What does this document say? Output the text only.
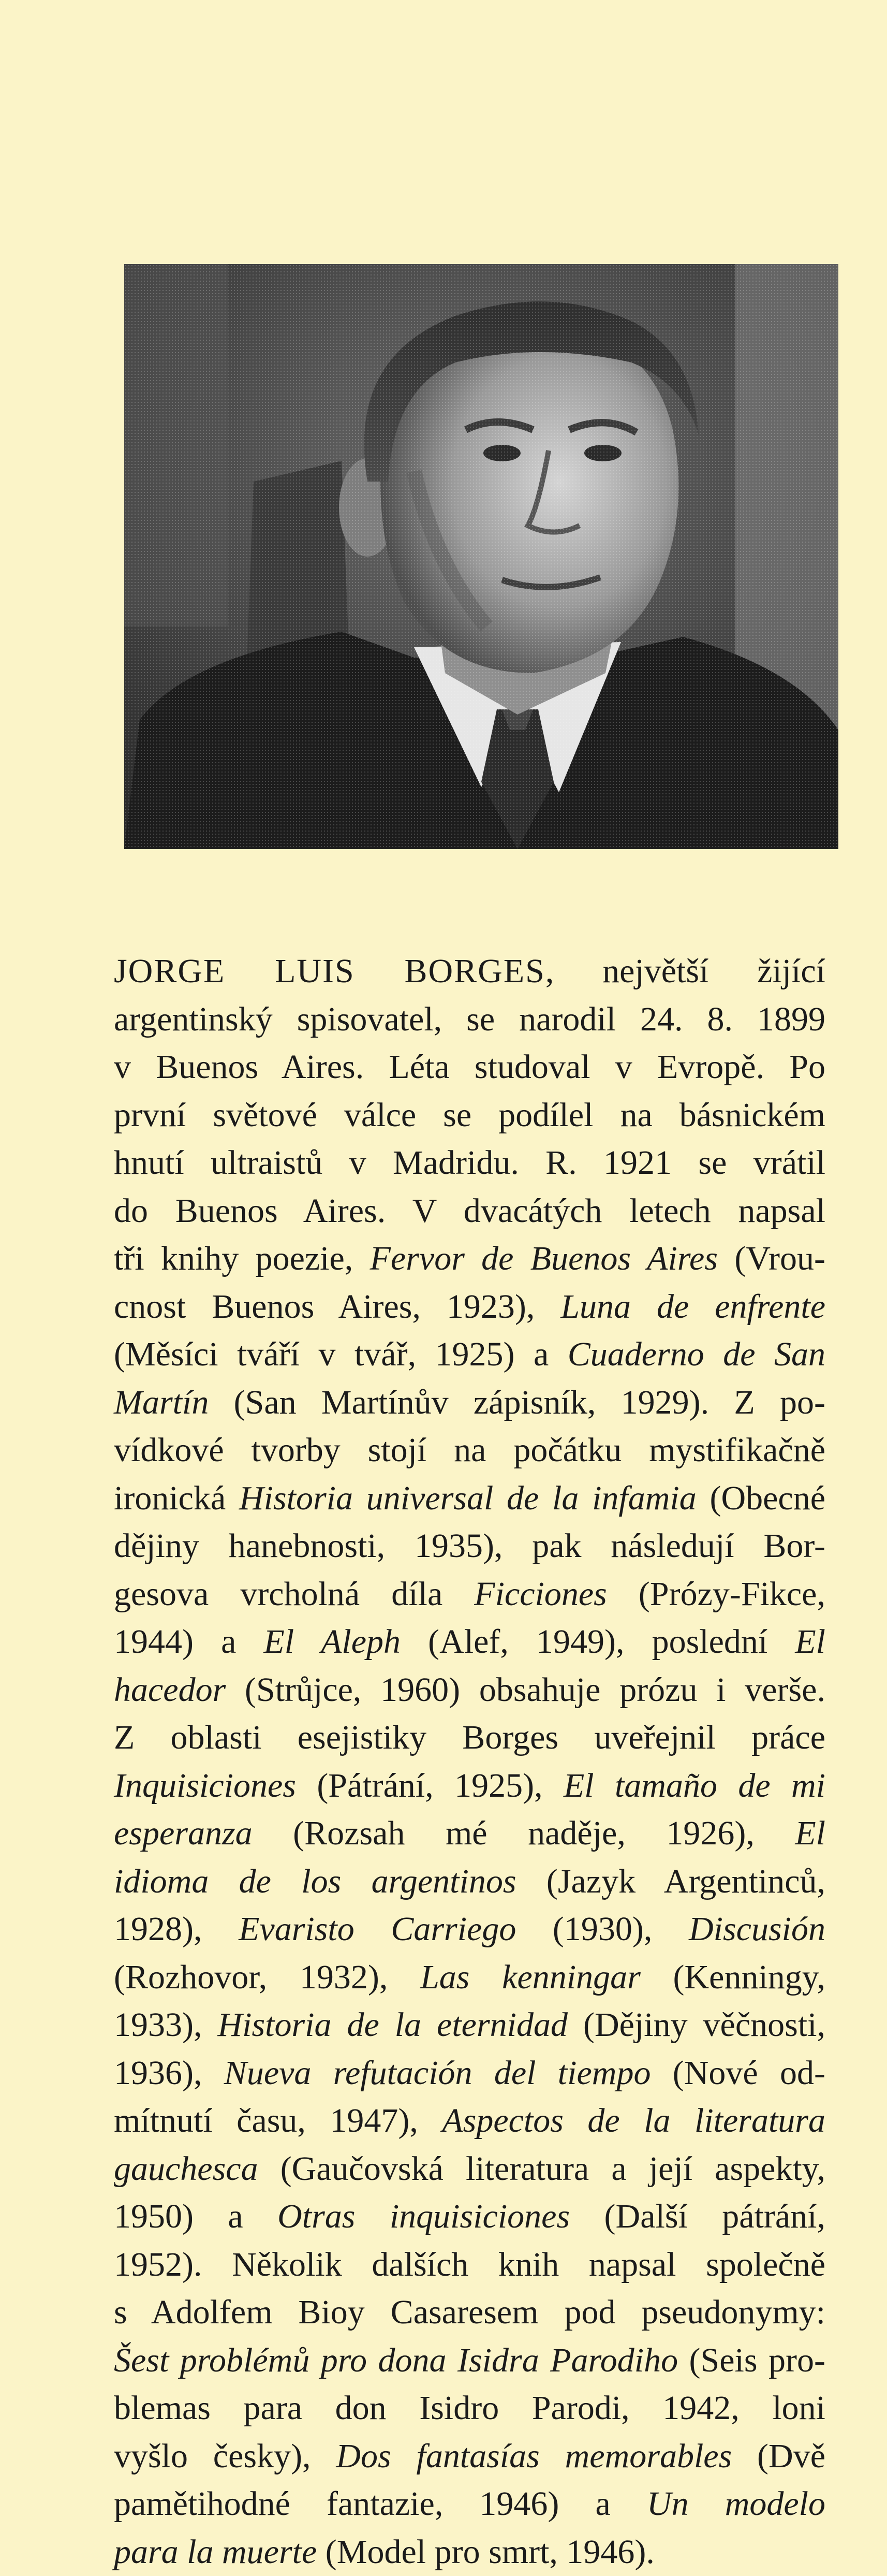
JORGE LUIS BORGES, největší žijící
argentinský spisovatel, se narodil 24. 8. 1899
v Buenos Aires. Léta studoval v Evropě. Po
první světové válce se podílel na básnickém
hnutí ultraistů v Madridu. R. 1921 se vrátil
do Buenos Aires. V dvacátých letech napsal
tři knihy poezie, Fervor de Buenos Aires (Vrou-
cnost Buenos Aires, 1923), Luna de enfrente
(Měsíci tváří v tvář, 1925) a Cuaderno de San
Martín (San Martínův zápisník, 1929). Z po-
vídkové tvorby stojí na počátku mystifikačně
ironická Historia universal de la infamia (Obecné
dějiny hanebnosti, 1935), pak následují Bor-
gesova vrcholná díla Ficciones (Prózy-Fikce,
1944) a El Aleph (Alef, 1949), poslední El
hacedor (Strůjce, 1960) obsahuje prózu i verše.
Z oblasti esejistiky Borges uveřejnil práce
Inquisiciones (Pátrání, 1925), El tamaño de mi
esperanza (Rozsah mé naděje, 1926), El
idioma de los argentinos (Jazyk Argentinců,
1928), Evaristo Carriego (1930), Discusión
(Rozhovor, 1932), Las kenningar (Kenningy,
1933), Historia de la eternidad (Dějiny věčnosti,
1936), Nueva refutación del tiempo (Nové od-
mítnutí času, 1947), Aspectos de la literatura
gauchesca (Gaučovská literatura a její aspekty,
1950) a Otras inquisiciones (Další pátrání,
1952). Několik dalších knih napsal společně
s Adolfem Bioy Casaresem pod pseudonymy:
Šest problémů pro dona Isidra Parodiho (Seis pro-
blemas para don Isidro Parodi, 1942, loni
vyšlo česky), Dos fantasías memorables (Dvě
pamětihodné fantazie, 1946) a Un modelo
para la muerte (Model pro smrt, 1946).
